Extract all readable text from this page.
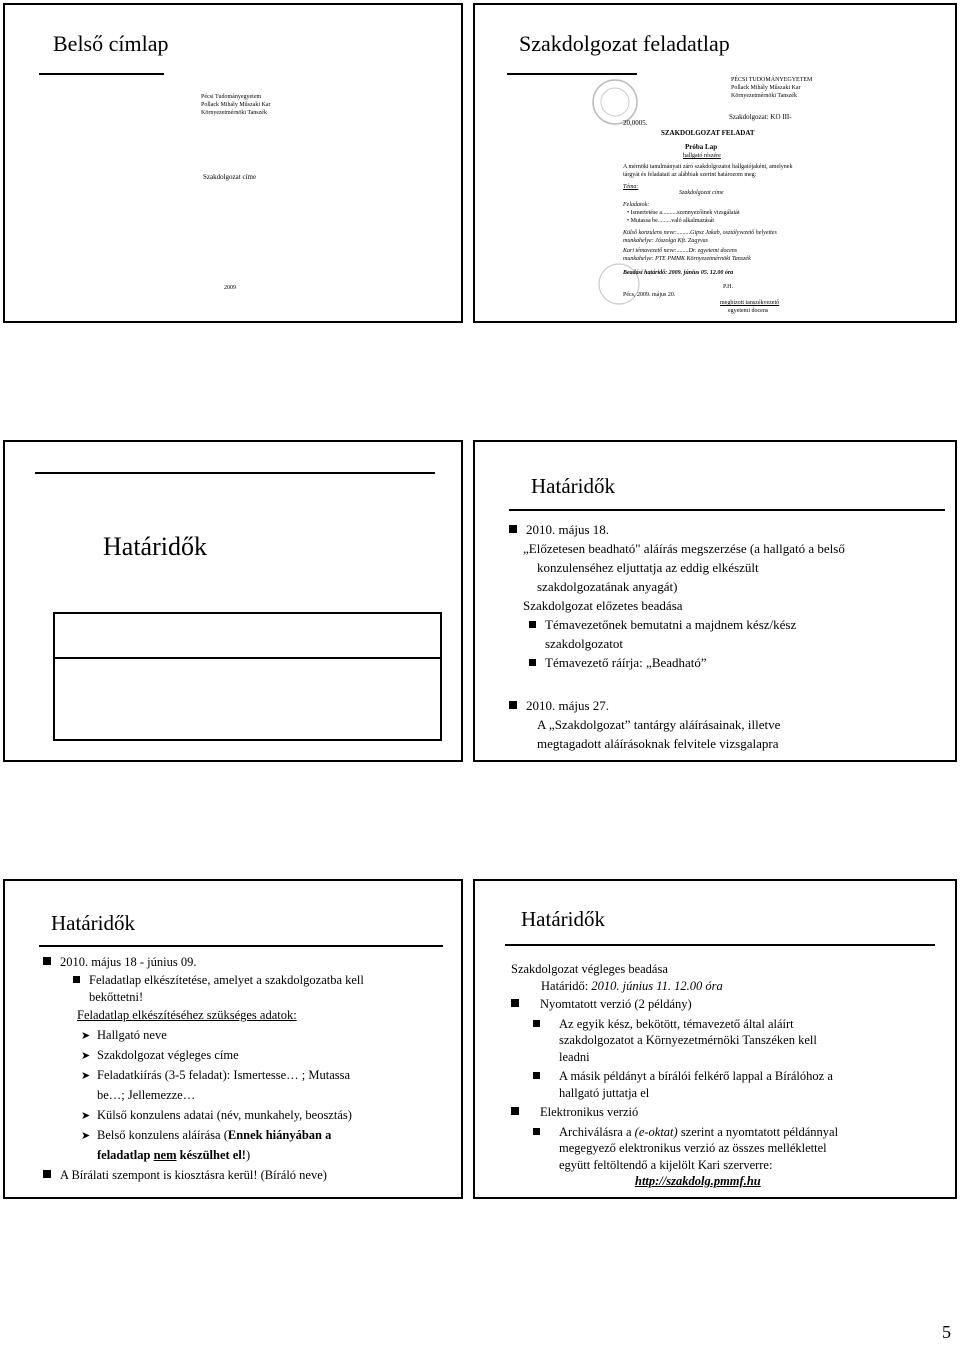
Belső címlap
Pécsi Tudományegyetem
Pollack Mihály Műszaki Kar
Környezetmérnöki Tanszék
Szakdolgozat címe
2009
Szakdolgozat feladatlap
PÉCSI TUDOMÁNYEGYETEM
Pollack Mihály Műszaki Kar
Környezetmérnöki Tanszék
Szakdolgozat: KO III-
20,0005.
SZAKDOLGOZAT FELADAT
Próba Lap
hallgató részére
A mérnöki tanulmányait záró szakdolgozatot hallgatójaként, amelynek
tárgyát és feladatait az alábbiak szerint határozom meg:
Téma:
Szakdolgozat címe
Feladatok:
• Ismertetése a..........szennyezőinek vizsgálatát
• Mutassa be.........való alkalmazását
Külső konzulens neve:.........Gipsz Jakab, osztályvezető helyettes
munkahelye: Jószolga Kft. Zagyvas
Kari témavezető neve:........Dr. egyetemi docens
munkahelye: PTE PMMK Környezetmérnöki Tanszék
Beadási határidő: 2009. június 05. 12.00 óra
P.H.
Pécs, 2009. május 20.
megbízott tanszékvezető
egyetemi docens
Határidők
Határidők
2010. május 18.
„Előzetesen beadható" aláírás megszerzése (a hallgató a belső
konzulenséhez eljuttatja az eddig elkészült
szakdolgozatának anyagát)
Szakdolgozat előzetes beadása
Témavezetőnek bemutatni a majdnem kész/kész
szakdolgozatot
Témavezető ráírja: „Beadható”
2010. május 27.
A „Szakdolgozat” tantárgy aláírásainak, illetve
megtagadott aláírásoknak felvitele vizsgalapra
Határidők
2010. május 18 - június 09.
Feladatlap elkészítetése, amelyet a szakdolgozatba kell
bekőttetni!
Feladatlap elkészítéséhez szükséges adatok:
➤ Hallgató neve
➤ Szakdolgozat végleges címe
➤ Feladatkiírás (3-5 feladat): Ismertesse… ; Mutassa
be…; Jellemezze…
➤ Külső konzulens adatai (név, munkahely, beosztás)
➤ Belső konzulens aláírása (Ennek hiányában a
feladatlap nem készülhet el!)
A Bírálati szempont is kiosztásra kerül! (Bíráló neve)
Határidők
Szakdolgozat végleges beadása
Határidő: 2010. június 11. 12.00 óra
Nyomtatott verzió (2 példány)
Az egyik kész, bekötött, témavezető által aláírt
szakdolgozatot a Környezetmérnöki Tanszéken kell
leadni
A másik példányt a bírálói felkérő lappal a Bírálóhoz a
hallgató juttatja el
Elektronikus verzió
Archiválásra a (e-oktat) szerint a nyomtatott példánnyal
megegyező elektronikus verzió az összes melléklettel
együtt feltöltendő a kijelölt Kari szerverre:
http://szakdolg.pmmf.hu
5
